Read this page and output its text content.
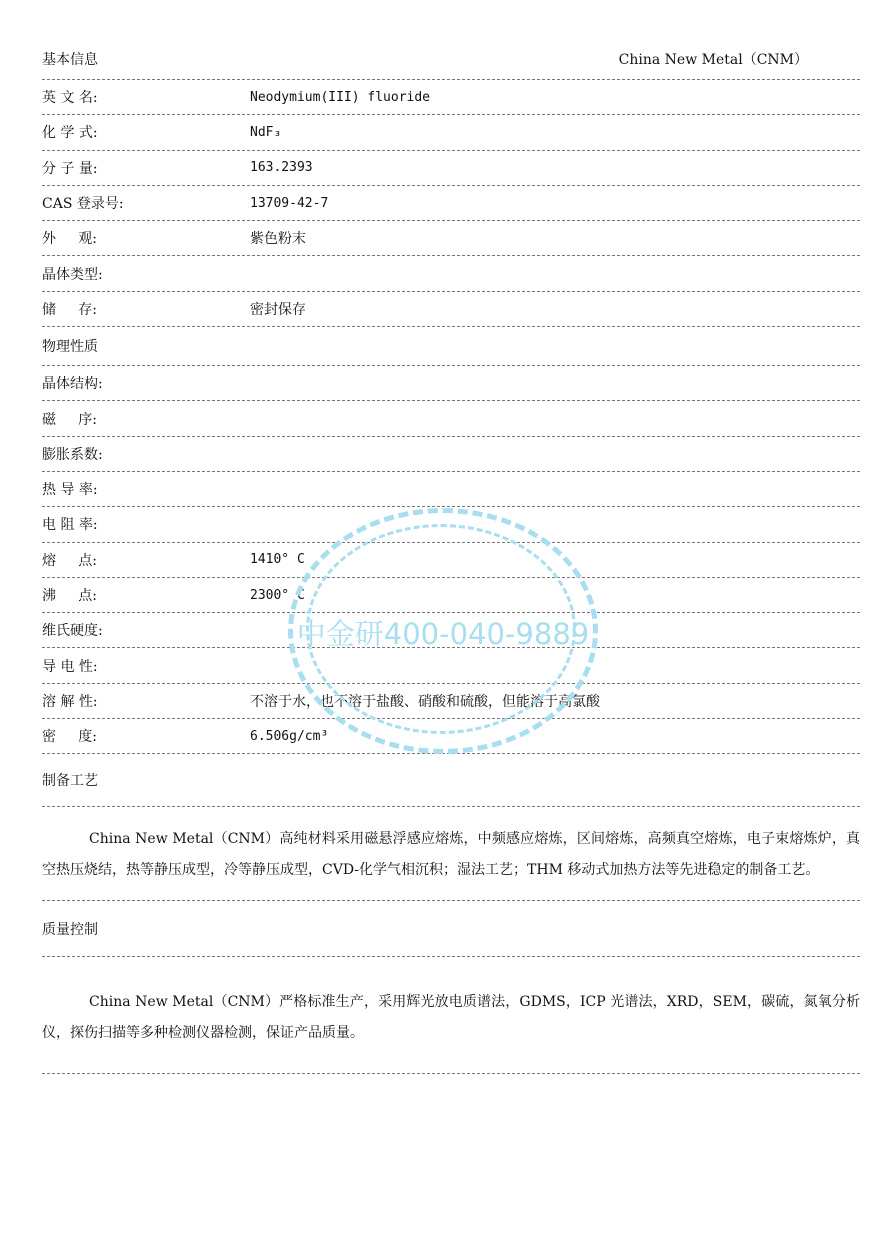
基本信息	China New Metal（CNM）
英 文 名:	Neodymium(III) fluoride
化 学 式:	NdF₃
分 子 量:	163.2393
CAS 登录号:	13709-42-7
外     观:	紫色粉末
晶体类型:
储     存:	密封保存
物理性质
晶体结构:
磁     序:
膨胀系数:
热 导 率:
电 阻 率:
熔     点:	1410° C
沸     点:	2300° C
维氏硬度:
导 电 性:
溶 解 性:	不溶于水，也不溶于盐酸、硝酸和硫酸，但能溶于高氯酸
密     度:	6.506g/cm³
制备工艺
China New Metal（CNM）高纯材料采用磁悬浮感应熔炼，中频感应熔炼，区间熔炼，高频真空熔炼，电子束熔炼炉，真空热压烧结，热等静压成型，冷等静压成型，CVD-化学气相沉积；湿法工艺；THM 移动式加热方法等先进稳定的制备工艺。
质量控制
China New Metal（CNM）严格标准生产，采用辉光放电质谱法，GDMS，ICP 光谱法，XRD，SEM，碳硫，氮氧分析仪，探伤扫描等多种检测仪器检测，保证产品质量。
中金研400-040-9889
